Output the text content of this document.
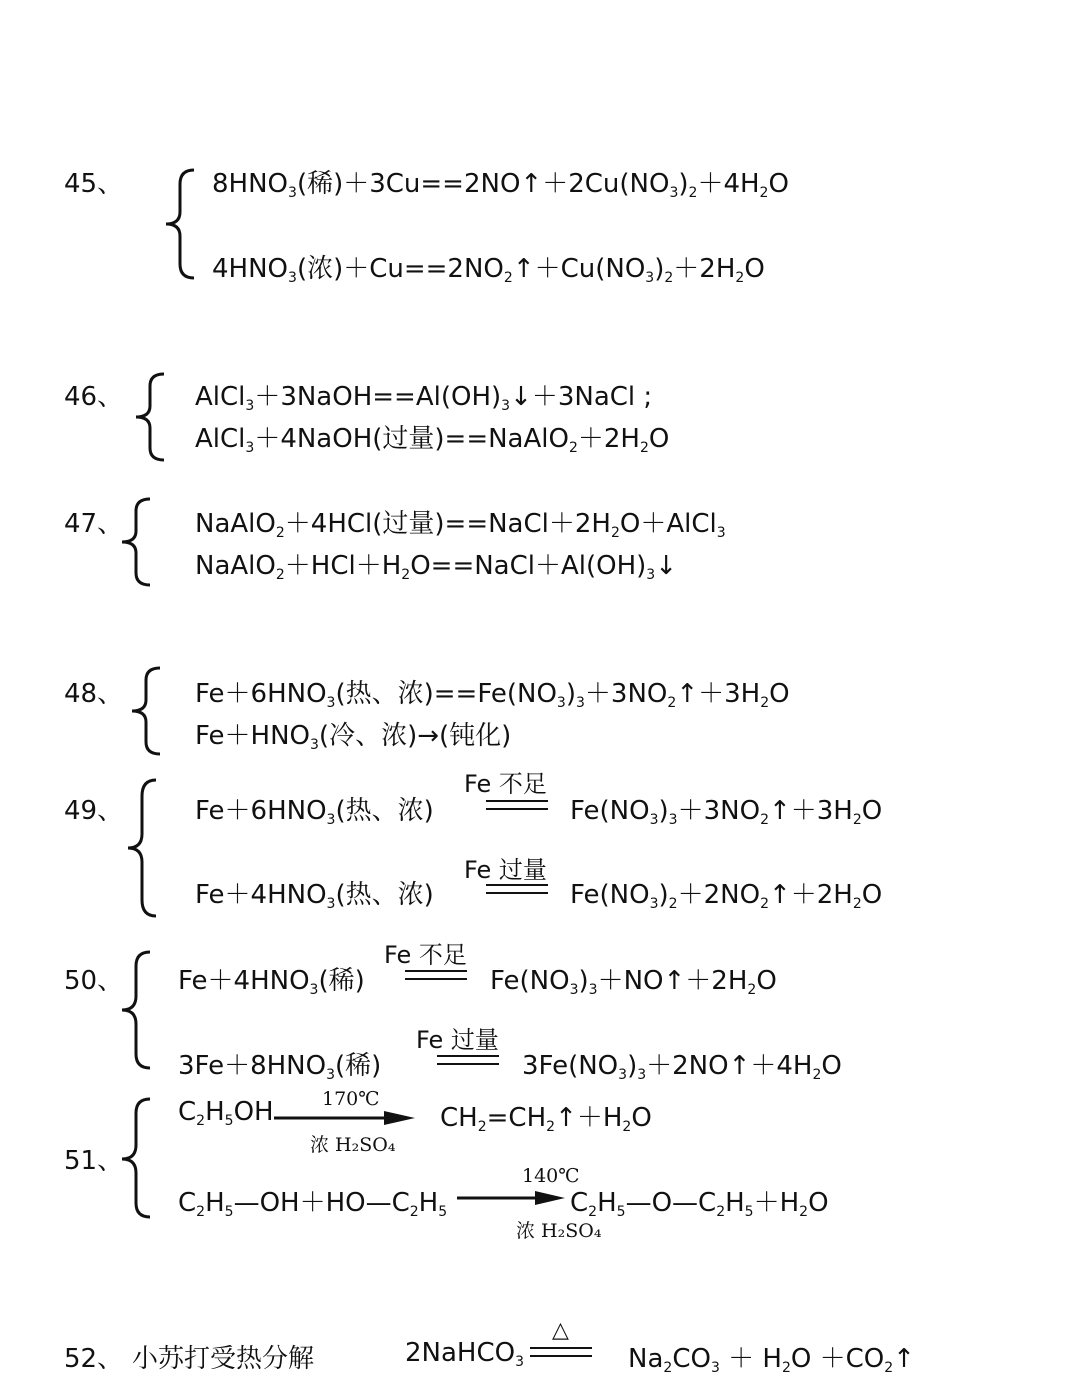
45、	$8HNO_3$(稀)$+3Cu==2NO↑+2Cu(NO_3)_2+4H_2O$
$4HNO_3$(浓)$+Cu==2NO_2↑+Cu(NO_3)_2+2H_2O$
46、	$AlCl_3+3NaOH==Al(OH)_3↓+3NaCl$ ;
AlCl$_3$＋4NaOH(过量)$==NaAlO_2+2H_2O$
47、	NaAlO$_2$＋4HCl(过量)$==NaCl+2H_2O+AlCl_3$
$NaAlO_2+HCl+H_2O==NaCl+Al(OH)_3↓$
48、	$Fe+6HNO_3$(热、浓)$==Fe(NO_3)_3+3NO_2↑+3H_2O$
$Fe+HNO_3$(冷、浓)→(钝化)
49、	$Fe+6HNO_3$(热、浓)
Fe 不足
$Fe(NO_3)_3+3NO_2↑+3H_2O$
$Fe+4HNO_3$(热、浓)
Fe 过量
$Fe(NO_3)_2+2NO_2↑+2H_2O$
50、 $Fe+4HNO_3$(稀)
Fe 不足
$Fe(NO_3)_3+NO↑+2H_2O$
$3Fe+8HNO_3$(稀)
Fe 过量
$3Fe(NO_3)_3+2NO↑+4H_2O$
51、
$C_2H_5OH$	170℃
浓 H₂SO₄
$CH_2=CH_2↑+H_2O$
$C_2H_5—OH+HO—C_2H_5$
140℃
浓 H₂SO₄
$C_2H_5—O—C_2H_5+H_2O$
52、 小苏打受热分解	2NaHCO$_3$
△
$Na_2CO_3 + H_2O$ $+CO_2↑$
